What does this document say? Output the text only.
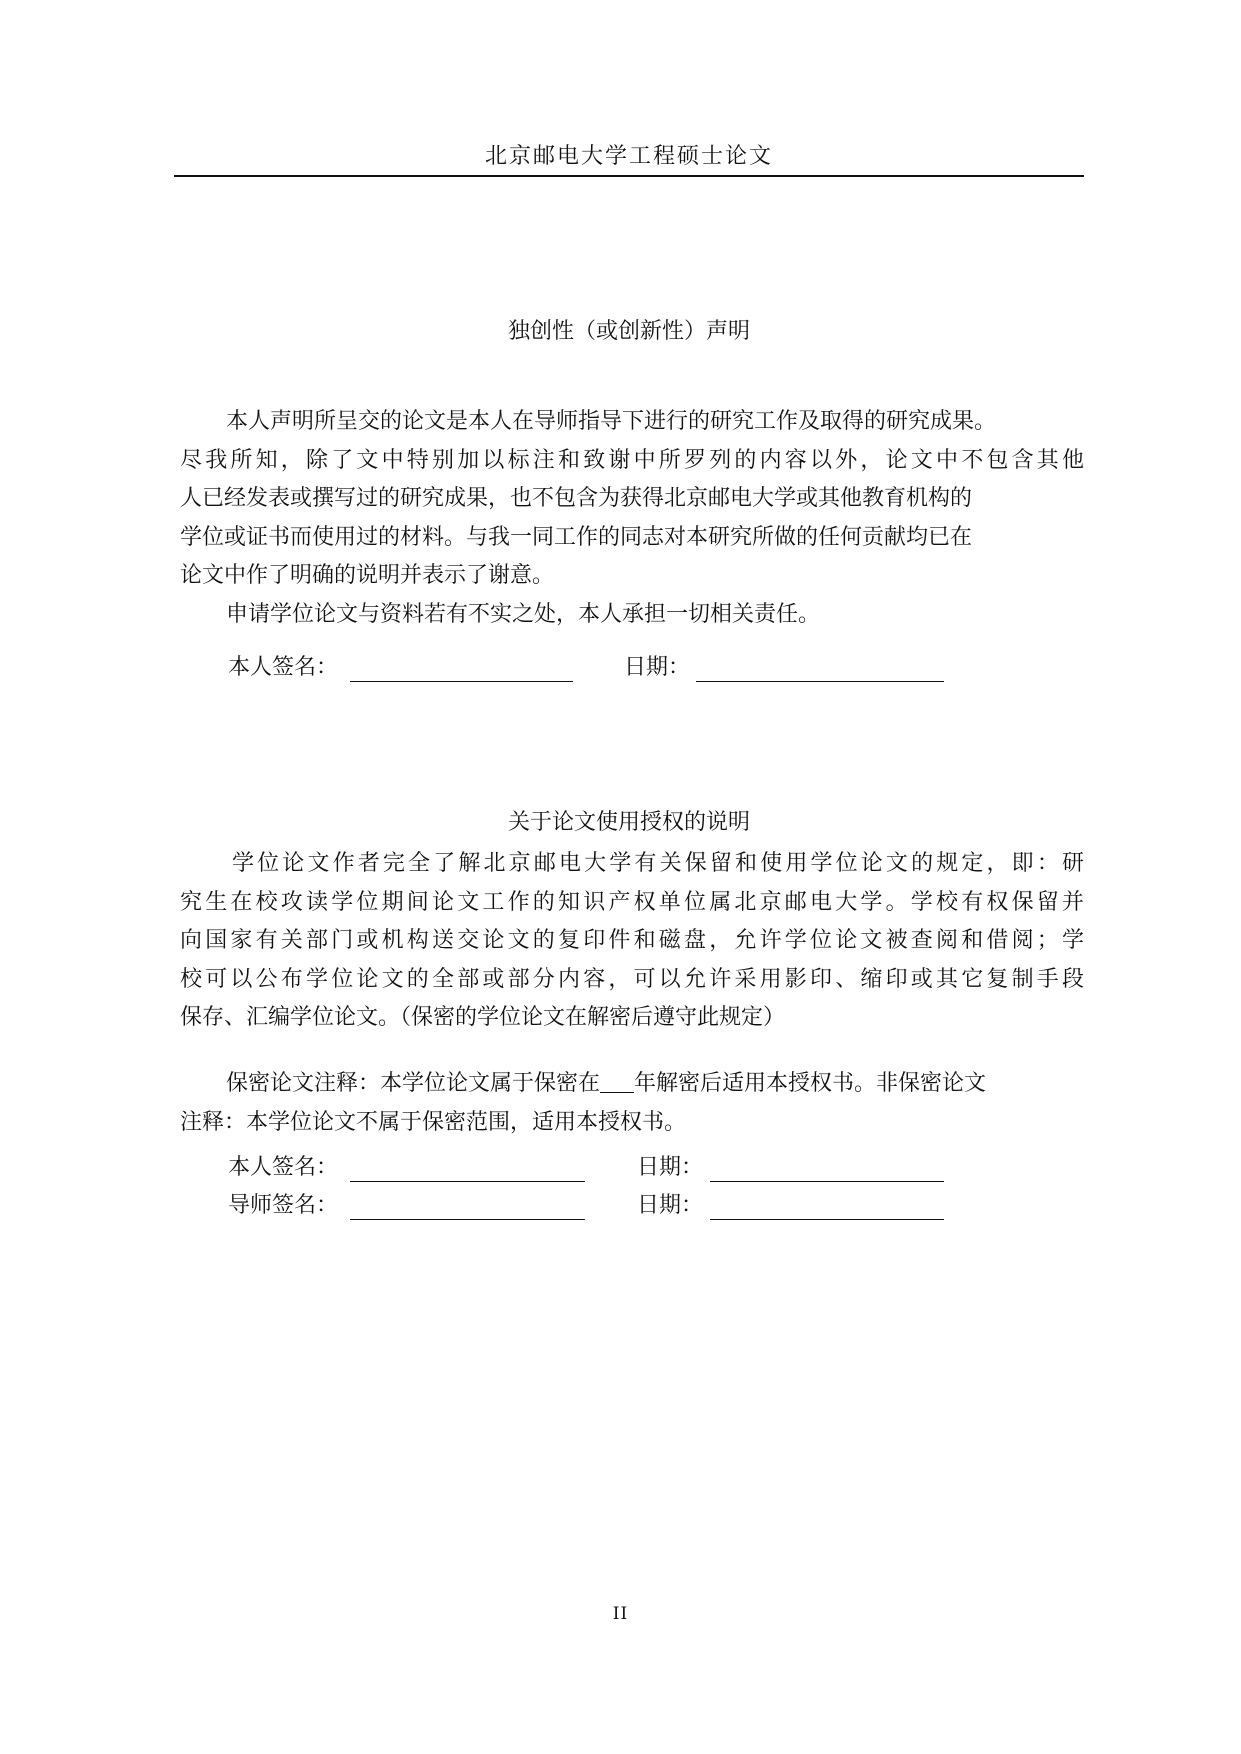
北京邮电大学工程硕士论文
独创性（或创新性）声明
本人声明所呈交的论文是本人在导师指导下进行的研究工作及取得的研究成果。
尽我所知，除了文中特别加以标注和致谢中所罗列的内容以外，论文中不包含其他
人已经发表或撰写过的研究成果，也不包含为获得北京邮电大学或其他教育机构的
学位或证书而使用过的材料。与我一同工作的同志对本研究所做的任何贡献均已在
论文中作了明确的说明并表示了谢意。
申请学位论文与资料若有不实之处，本人承担一切相关责任。
本人签名：	日期：
关于论文使用授权的说明
学位论文作者完全了解北京邮电大学有关保留和使用学位论文的规定，即：研
究生在校攻读学位期间论文工作的知识产权单位属北京邮电大学。学校有权保留并
向国家有关部门或机构送交论文的复印件和磁盘，允许学位论文被查阅和借阅；学
校可以公布学位论文的全部或部分内容，可以允许采用影印、缩印或其它复制手段
保存、汇编学位论文。（保密的学位论文在解密后遵守此规定）
保密论文注释：本学位论文属于保密在 年解密后适用本授权书。非保密论文
注释：本学位论文不属于保密范围，适用本授权书。
本人签名：	日期：
导师签名：	日期：
II
